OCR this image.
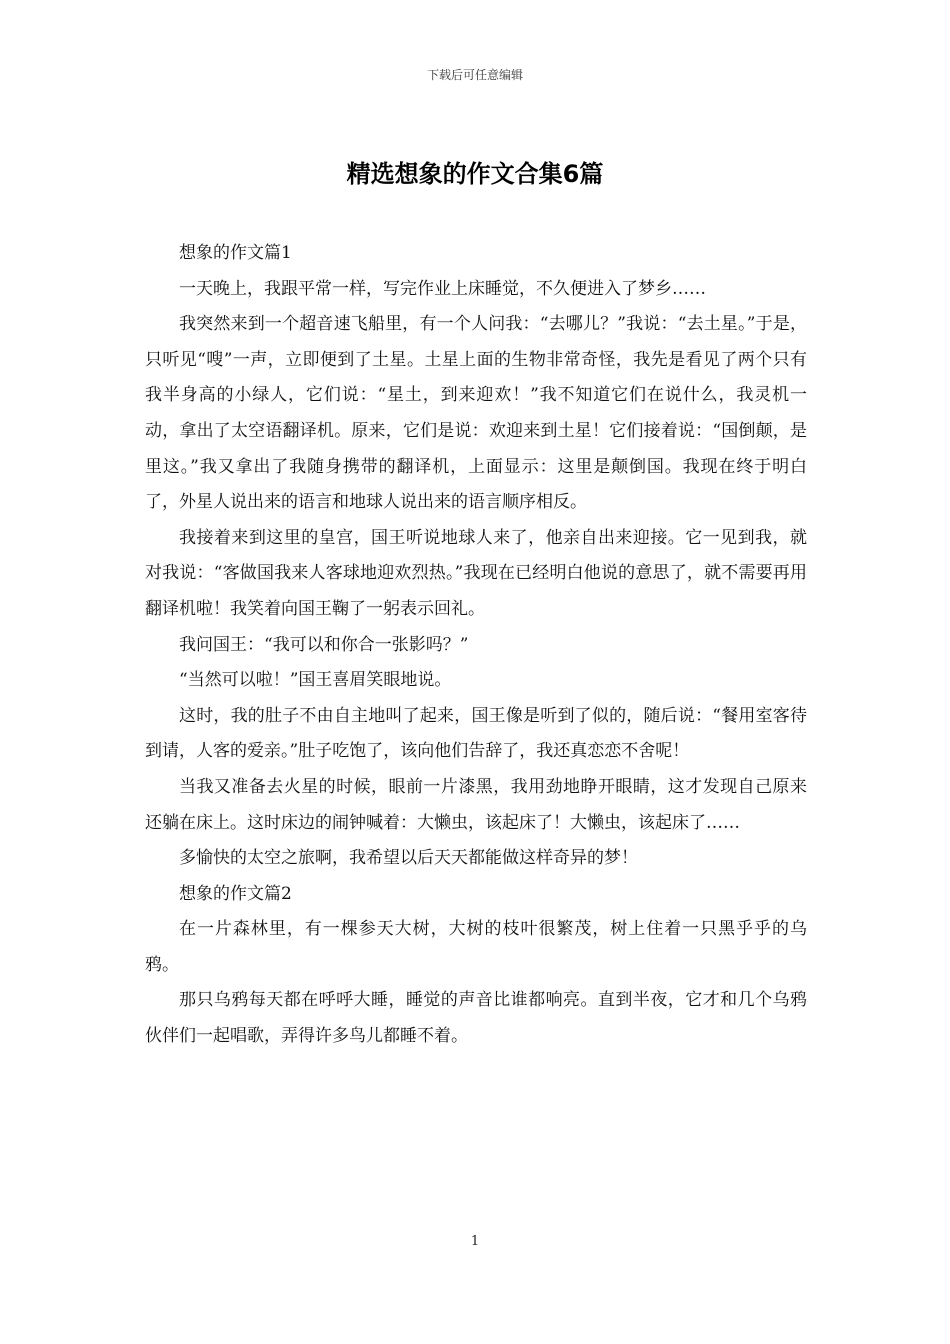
下载后可任意编辑
精选想象的作文合集6篇

想象的作文篇1

一天晚上，我跟平常一样，写完作业上床睡觉，不久便进入了梦乡……

我突然来到一个超音速飞船里，有一个人问我：“去哪儿？”我说：“去土星。”于是，只听见“嗖”一声，立即便到了土星。土星上面的生物非常奇怪，我先是看见了两个只有我半身高的小绿人，它们说：“星土，到来迎欢！”我不知道它们在说什么，我灵机一动，拿出了太空语翻译机。原来，它们是说：欢迎来到土星！它们接着说：“国倒颠，是里这。”我又拿出了我随身携带的翻译机，上面显示：这里是颠倒国。我现在终于明白了，外星人说出来的语言和地球人说出来的语言顺序相反。

我接着来到这里的皇宫，国王听说地球人来了，他亲自出来迎接。它一见到我，就对我说：“客做国我来人客球地迎欢烈热。”我现在已经明白他说的意思了，就不需要再用翻译机啦！我笑着向国王鞠了一躬表示回礼。

我问国王：“我可以和你合一张影吗？”

“当然可以啦！”国王喜眉笑眼地说。

这时，我的肚子不由自主地叫了起来，国王像是听到了似的，随后说：“餐用室客待到请，人客的爱亲。”肚子吃饱了，该向他们告辞了，我还真恋恋不舍呢！

当我又准备去火星的时候，眼前一片漆黑，我用劲地睁开眼睛，这才发现自己原来还躺在床上。这时床边的闹钟喊着：大懒虫，该起床了！大懒虫，该起床了……

多愉快的太空之旅啊，我希望以后天天都能做这样奇异的梦！

想象的作文篇2

在一片森林里，有一棵参天大树，大树的枝叶很繁茂，树上住着一只黑乎乎的乌鸦。

那只乌鸦每天都在呼呼大睡，睡觉的声音比谁都响亮。直到半夜，它才和几个乌鸦伙伴们一起唱歌，弄得许多鸟儿都睡不着。

1
